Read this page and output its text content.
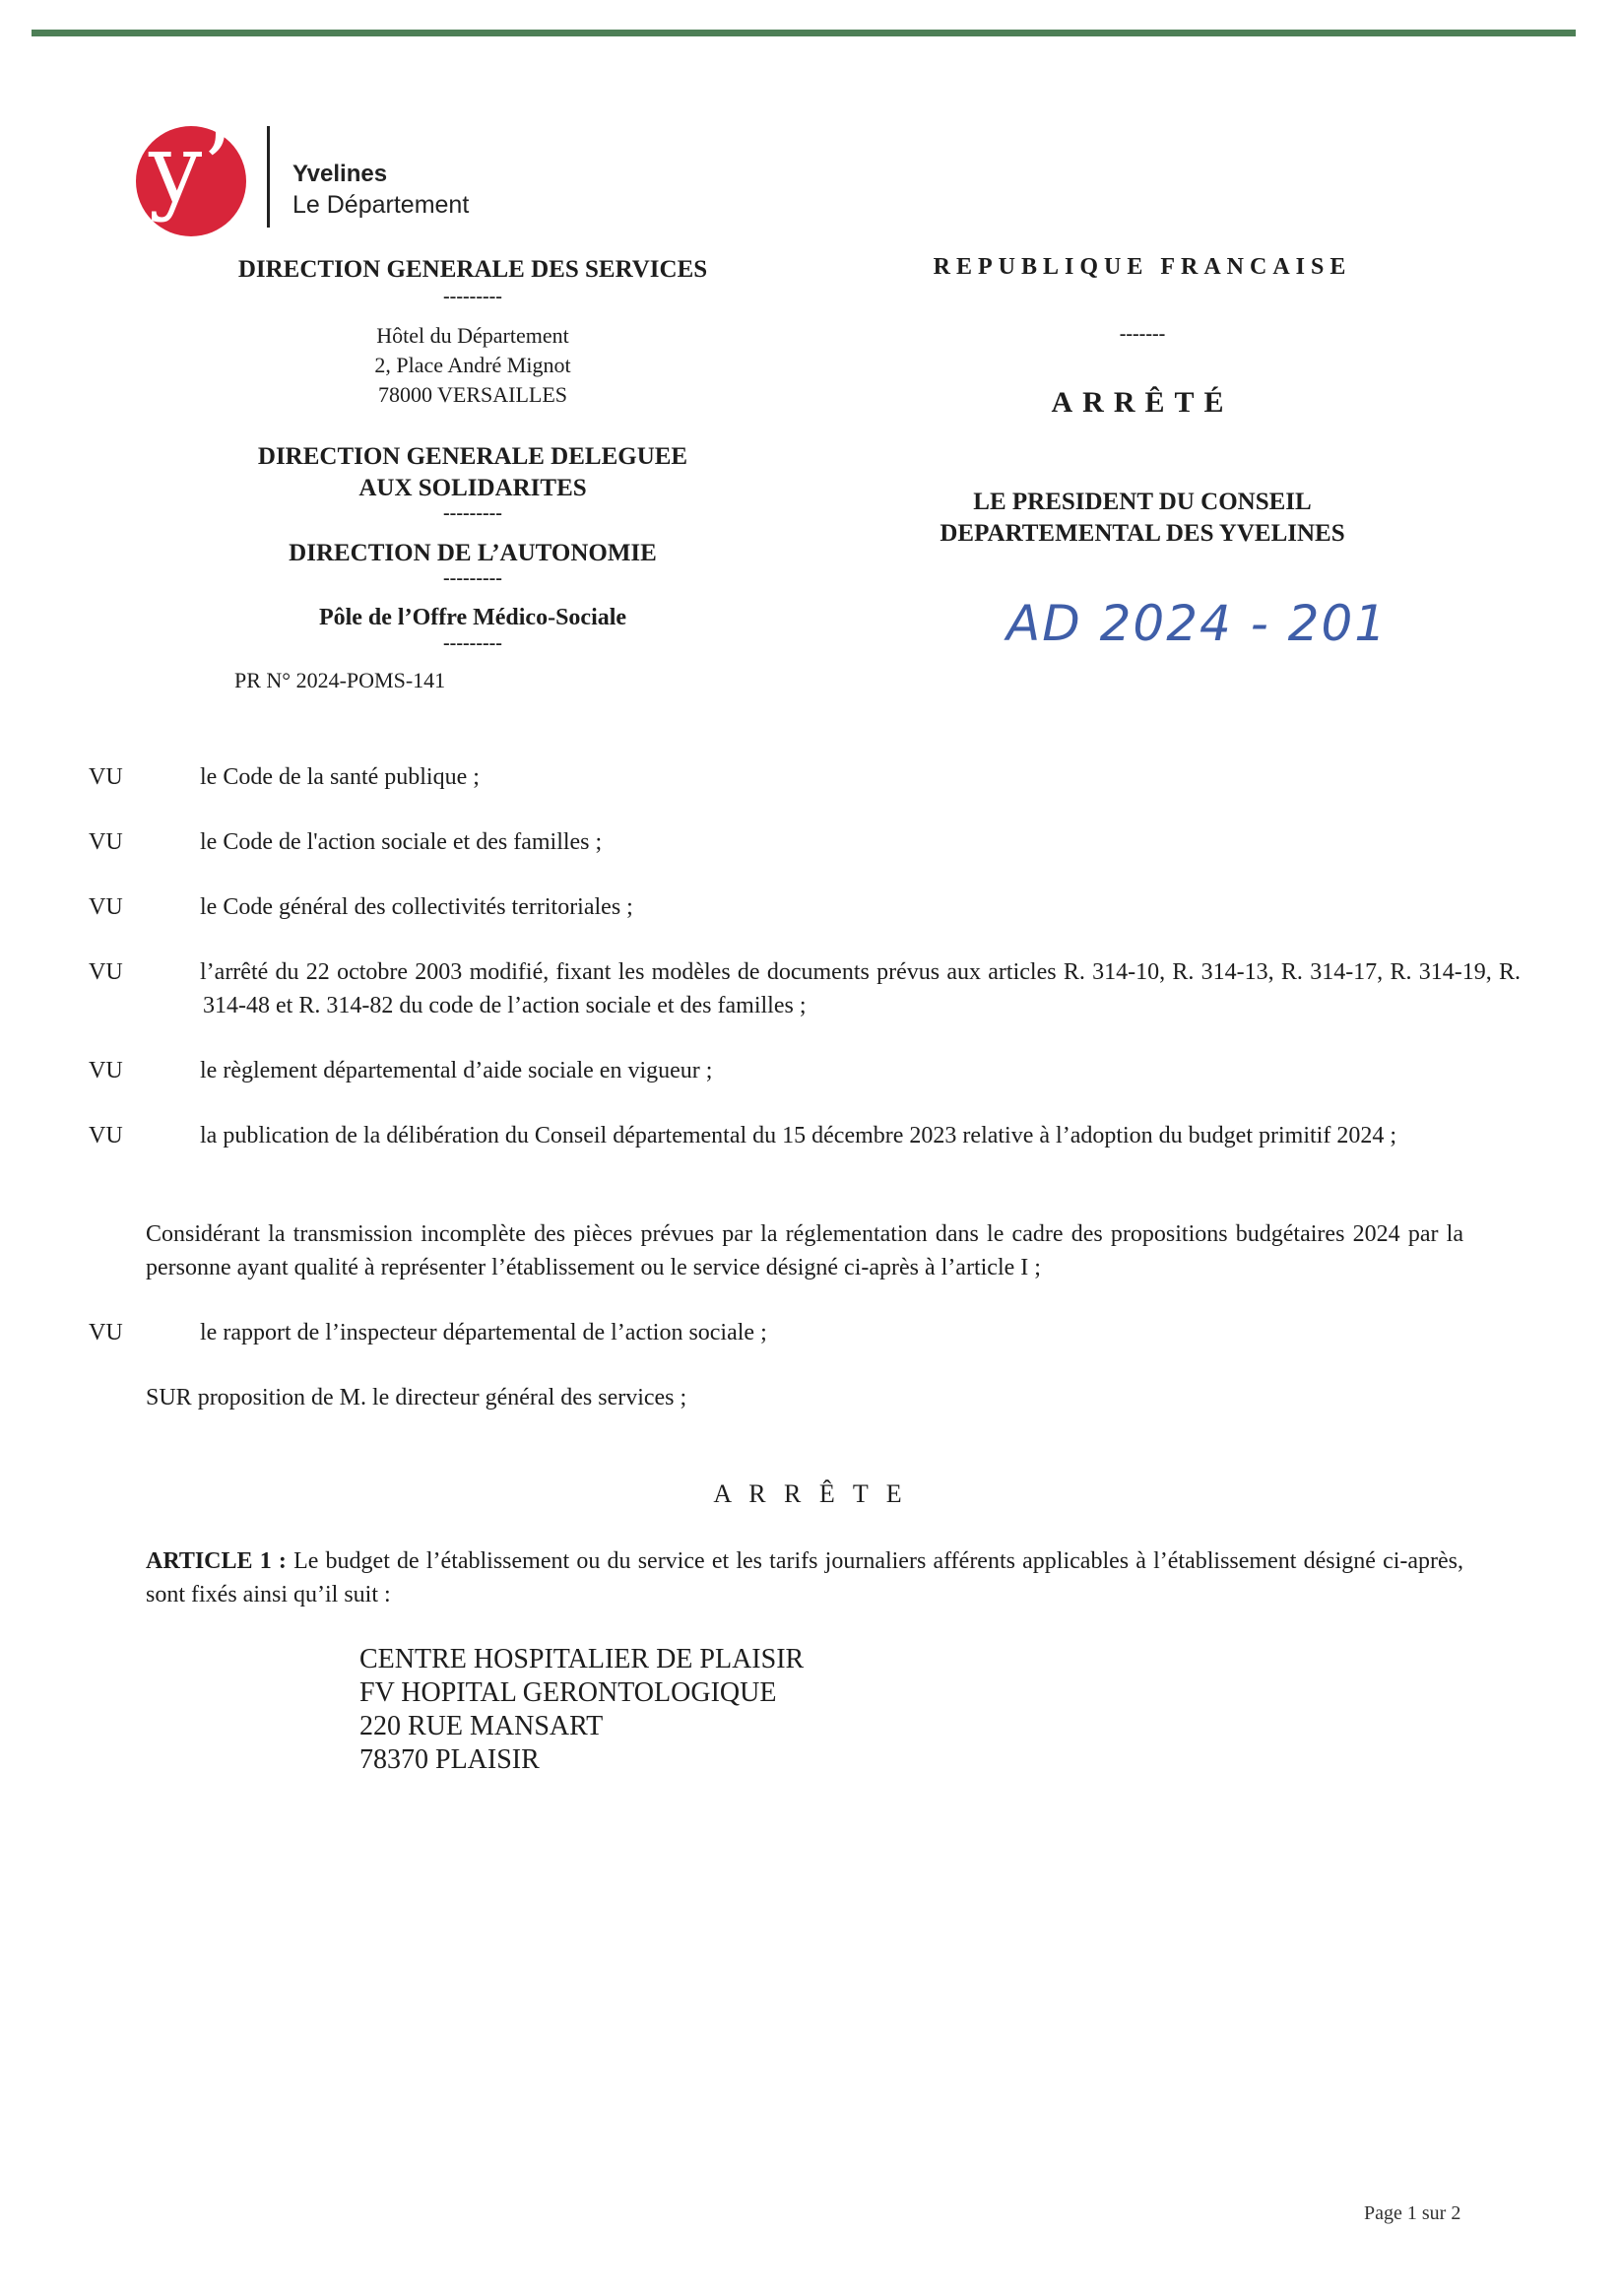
y’	Yvelines
Le Département
DIRECTION GENERALE DES SERVICES
---------
Hôtel du Département
2, Place André Mignot
78000 VERSAILLES
DIRECTION GENERALE DELEGUEE
AUX SOLIDARITES
---------
DIRECTION DE L’AUTONOMIE
---------
Pôle de l’Offre Médico-Sociale
---------
PR N° 2024-POMS-141
REPUBLIQUE FRANCAISE
-------
ARRÊTÉ
LE PRESIDENT DU CONSEIL
DEPARTEMENTAL DES YVELINES
AD 2024 - 201
VU	le Code de la santé publique ;
VU	le Code de l'action sociale et des familles ;
VU	le Code général des collectivités territoriales ;
VU	l’arrêté du 22 octobre 2003 modifié, fixant les modèles de documents prévus aux articles R. 314-10, R. 314-13, R. 314-17, R. 314-19, R. 314-48 et R. 314-82 du code de l’action sociale et des familles ;
VU	le règlement départemental d’aide sociale en vigueur ;
VU	la publication de la délibération du Conseil départemental du 15 décembre 2023 relative à l’adoption du budget primitif 2024 ;
Considérant la transmission incomplète des pièces prévues par la réglementation dans le cadre des propositions budgétaires 2024 par la personne ayant qualité à représenter l’établissement ou le service désigné ci-après à l’article I ;
VU	le rapport de l’inspecteur départemental de l’action sociale ;
SUR proposition de M. le directeur général des services ;
A R R Ê T E
ARTICLE 1 : Le budget de l’établissement ou du service et les tarifs journaliers afférents applicables à l’établissement désigné ci-après, sont fixés ainsi qu’il suit :
CENTRE HOSPITALIER DE PLAISIR
FV HOPITAL GERONTOLOGIQUE
220 RUE MANSART
78370 PLAISIR
Page 1 sur 2
